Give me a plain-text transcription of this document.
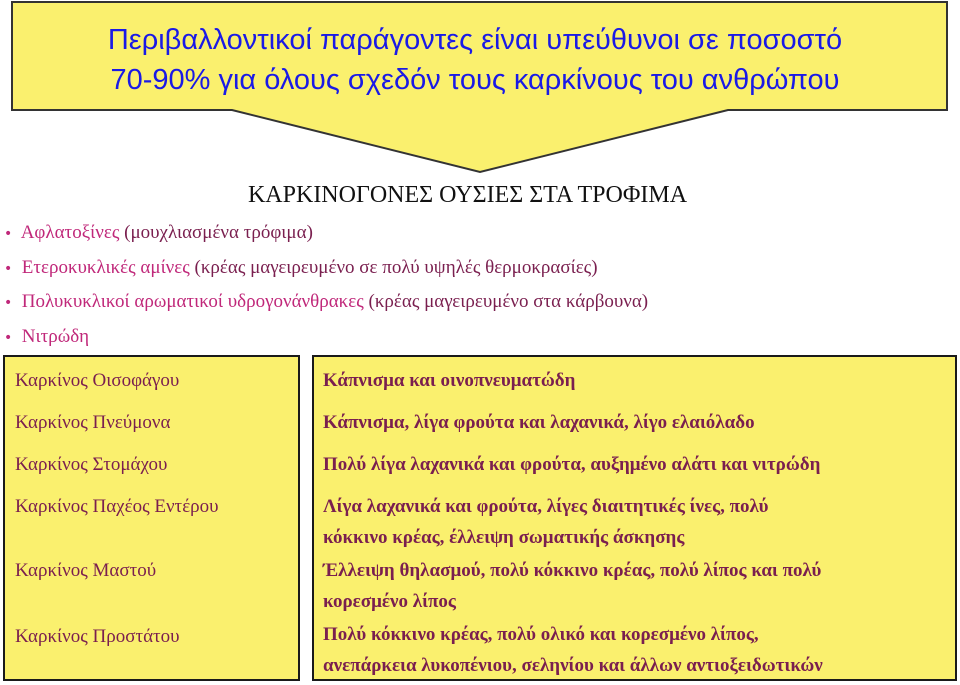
Περιβαλλοντικοί παράγοντες είναι υπεύθυνοι σε ποσοστό
70-90% για όλους σχεδόν τους καρκίνους του ανθρώπου
ΚΑΡΚΙΝΟΓΟΝΕΣ ΟΥΣΙΕΣ ΣΤΑ ΤΡΟΦΙΜΑ
• Αφλατοξίνες (μουχλιασμένα τρόφιμα)
• Ετεροκυκλικές αμίνες (κρέας μαγειρευμένο σε πολύ υψηλές θερμοκρασίες)
• Πολυκυκλικοί αρωματικοί υδρογονάνθρακες (κρέας μαγειρευμένο στα κάρβουνα)
• Νιτρώδη
Καρκίνος Οισοφάγου
Καρκίνος Πνεύμονα
Καρκίνος Στομάχου
Καρκίνος Παχέος Εντέρου
Καρκίνος Μαστού
Καρκίνος Προστάτου
Κάπνισμα και οινοπνευματώδη
Κάπνισμα, λίγα φρούτα και λαχανικά, λίγο ελαιόλαδο
Πολύ λίγα λαχανικά και φρούτα, αυξημένο αλάτι και νιτρώδη
Λίγα λαχανικά και φρούτα, λίγες διαιτητικές ίνες, πολύ
κόκκινο κρέας, έλλειψη σωματικής άσκησης
Έλλειψη θηλασμού, πολύ κόκκινο κρέας, πολύ λίπος και πολύ
κορεσμένο λίπος
Πολύ κόκκινο κρέας, πολύ ολικό και κορεσμένο λίπος,
ανεπάρκεια λυκοπένιου, σεληνίου και άλλων αντιοξειδωτικών
